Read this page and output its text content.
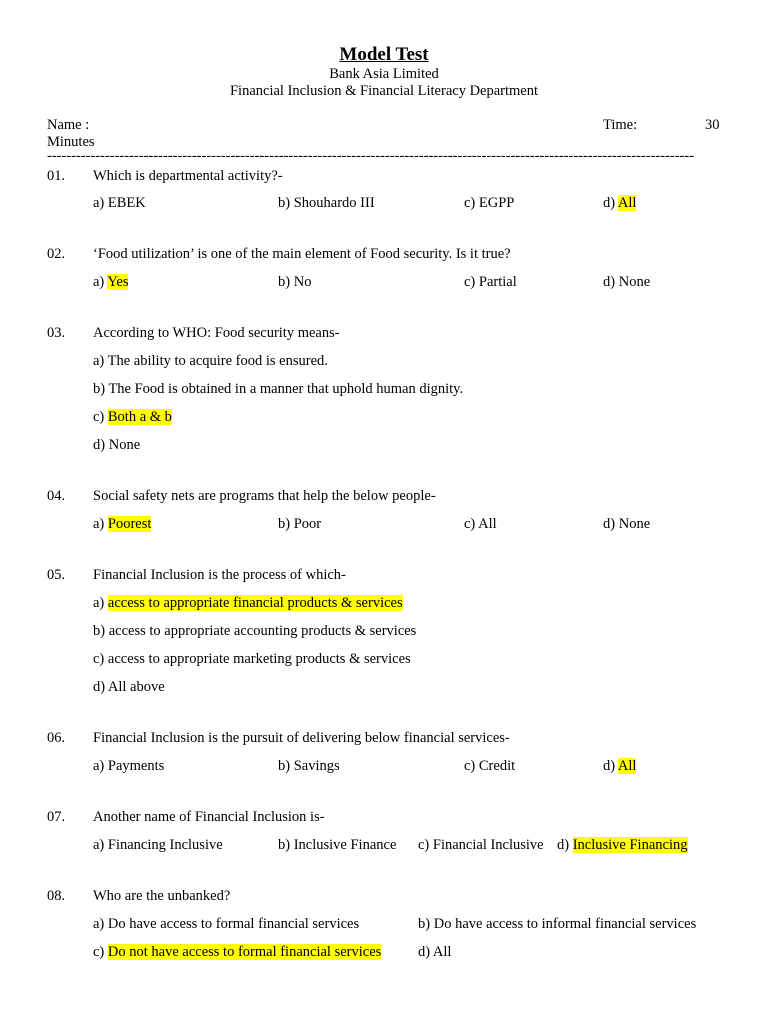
Model Test
Bank Asia Limited
Financial Inclusion & Financial Literacy Department
Name :	Time:	30
Minutes
--------------------------------------------------------------------------------------------------------------------------------------
01. Which is departmental activity?-
a) EBEK	b) Shouhardo III	c) EGPP	d) All
02. ‘Food utilization’ is one of the main element of Food security. Is it true?
a) Yes	b) No	c) Partial	d) None
03. According to WHO: Food security means-
a) The ability to acquire food is ensured.
b) The Food is obtained in a manner that uphold human dignity.
c) Both a & b
d) None
04. Social safety nets are programs that help the below people-
a) Poorest	b) Poor	c) All	d) None
05. Financial Inclusion is the process of which-
a) access to appropriate financial products & services
b) access to appropriate accounting products & services
c) access to appropriate marketing products & services
d) All above
06. Financial Inclusion is the pursuit of delivering below financial services-
a) Payments	b) Savings	c) Credit	d) All
07. Another name of Financial Inclusion is-
a) Financing Inclusive	b) Inclusive Finance c) Financial Inclusive d) Inclusive Financing
08. Who are the unbanked?
a) Do have access to formal financial services	b) Do have access to informal financial services
c) Do not have access to formal financial services	d) All
